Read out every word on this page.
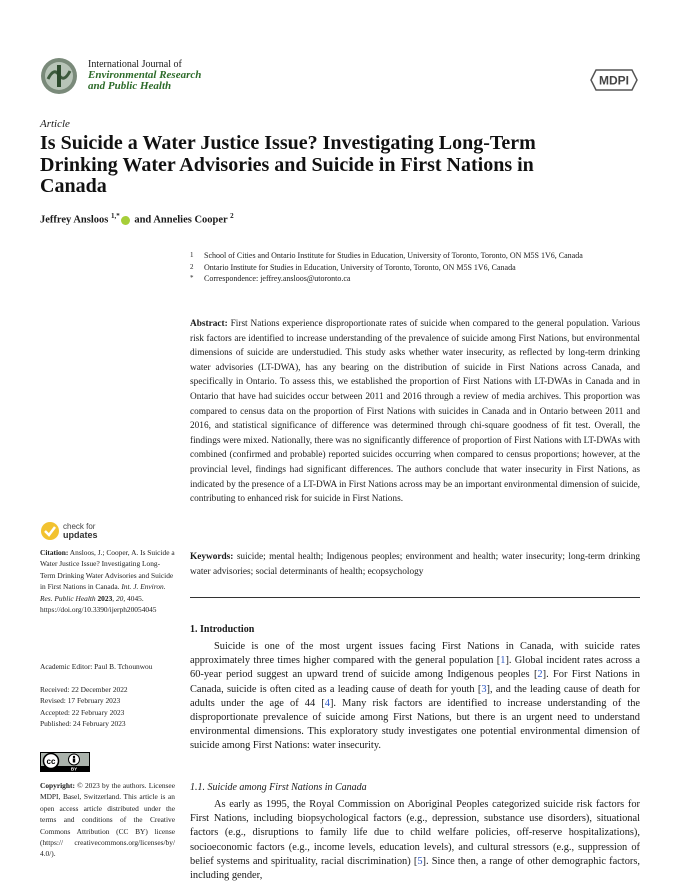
International Journal of
Environmental Research
and Public Health	MDPI
Article
Is Suicide a Water Justice Issue? Investigating Long-Term Drinking Water Advisories and Suicide in First Nations in Canada
Jeffrey Ansloos $^{1,*}$ and Annelies Cooper $^2$
1	School of Cities and Ontario Institute for Studies in Education, University of Toronto, Toronto, ON M5S 1V6, Canada
2	Ontario Institute for Studies in Education, University of Toronto, Toronto, ON M5S 1V6, Canada
*	Correspondence: jeffrey.ansloos@utoronto.ca
Abstract: First Nations experience disproportionate rates of suicide when compared to the general population. Various risk factors are identified to increase understanding of the prevalence of suicide among First Nations, but environmental dimensions of suicide are understudied. This study asks whether water insecurity, as reflected by long-term drinking water advisories (LT-DWA), has any bearing on the distribution of suicide in First Nations across Canada, and specifically in Ontario. To assess this, we established the proportion of First Nations with LT-DWAs in Canada and in Ontario that have had suicides occur between 2011 and 2016 through a review of media archives. This proportion was compared to census data on the proportion of First Nations with suicides in Canada and in Ontario between 2011 and 2016, and statistical significance of difference was determined through chi-square goodness of fit test. Overall, the findings were mixed. Nationally, there was no significantly difference of proportion of First Nations with LT-DWAs with combined (confirmed and probable) reported suicides occurring when compared to census proportions; however, at the provincial level, findings had significant differences. The authors conclude that water insecurity in First Nations, as indicated by the presence of a LT-DWA in First Nations across may be an important environmental dimension of suicide, contributing to enhanced risk for suicide in First Nations.
Keywords: suicide; mental health; Indigenous peoples; environment and health; water insecurity; long-term drinking water advisories; social determinants of health; ecopsychology
1. Introduction
Suicide is one of the most urgent issues facing First Nations in Canada, with suicide rates approximately three times higher compared with the general population [1]. Global incident rates across a 60-year period suggest an upward trend of suicide among Indigenous peoples [2]. For First Nations in Canada, suicide is often cited as a leading cause of death for youth [3], and the leading cause of death for adults under the age of 44 [4]. Many risk factors are identified to increase understanding of the disproportionate prevalence of suicide among First Nations, but there is an urgent need to understand environmental dimensions. This exploratory study investigates one potential environmental dimension of suicide among First Nations: water insecurity.
1.1. Suicide among First Nations in Canada
As early as 1995, the Royal Commission on Aboriginal Peoples categorized suicide risk factors for First Nations, including biopsychological factors (e.g., depression, substance use disorders), situational factors (e.g., disruptions to family life due to child welfare policies, off-reserve hospitalizations), socioeconomic factors (e.g., income levels, education levels), and cultural stressors (e.g., suppression of belief systems and spirituality, racial discrimination) [5]. Since then, a range of other demographic factors, including gender,
check for
updates
Citation: Ansloos, J.; Cooper, A. Is Suicide a Water Justice Issue? Investigating Long-Term Drinking Water Advisories and Suicide in First Nations in Canada. Int. J. Environ. Res. Public Health 2023, 20, 4045. https://doi.org/10.3390/ijerph20054045
Academic Editor: Paul B. Tchounwou
Received: 22 December 2022
Revised: 17 February 2023
Accepted: 22 February 2023
Published: 24 February 2023
cc
BY
Copyright: © 2023 by the authors. Licensee MDPI, Basel, Switzerland. This article is an open access article distributed under the terms and conditions of the Creative Commons Attribution (CC BY) license (https:// creativecommons.org/licenses/by/ 4.0/).
